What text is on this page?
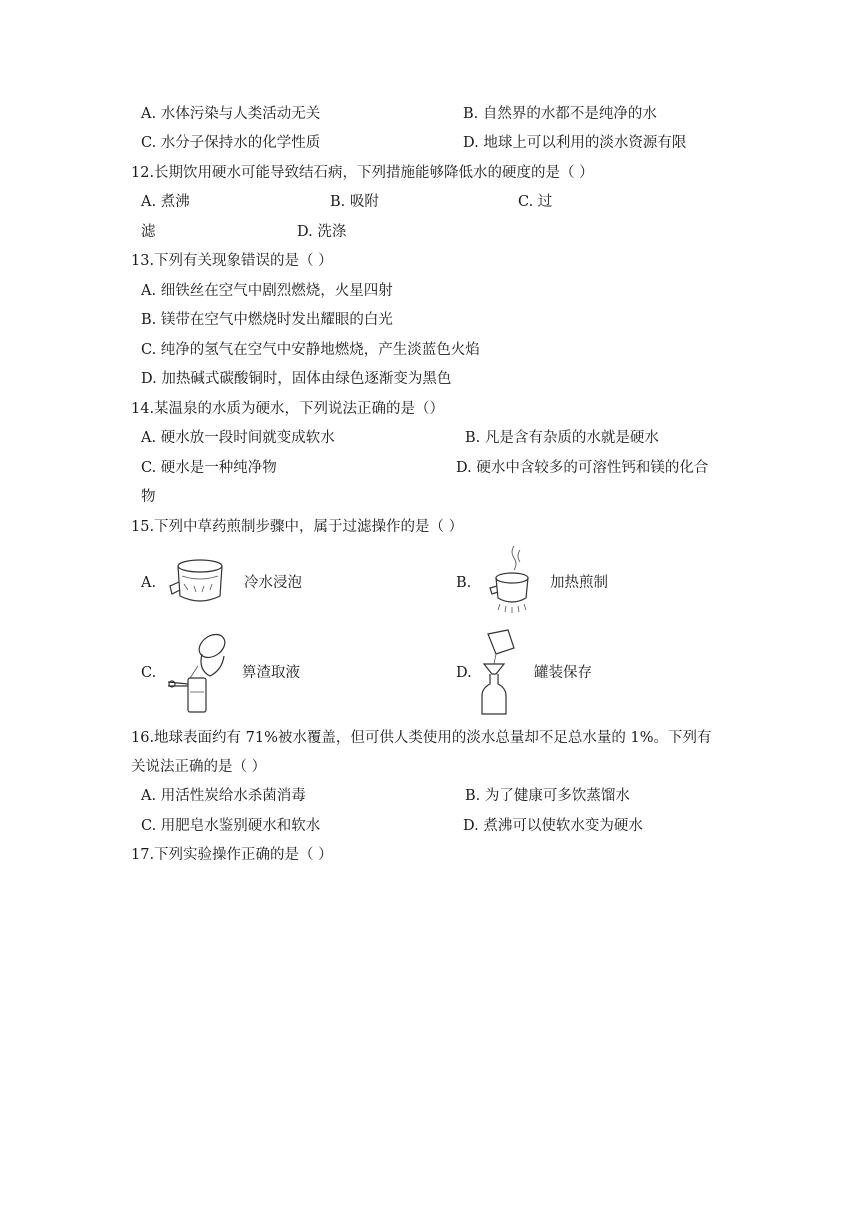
A. 水体污染与人类活动无关	B. 自然界的水都不是纯净的水
C. 水分子保持水的化学性质	D. 地球上可以利用的淡水资源有限
12.长期饮用硬水可能导致结石病，下列措施能够降低水的硬度的是（ ）
A. 煮沸	B. 吸附	C. 过
滤	D. 洗涤
13.下列有关现象错误的是（ ）
A. 细铁丝在空气中剧烈燃烧，火星四射
B. 镁带在空气中燃烧时发出耀眼的白光
C. 纯净的氢气在空气中安静地燃烧，产生淡蓝色火焰
D. 加热碱式碳酸铜时，固体由绿色逐渐变为黑色
14.某温泉的水质为硬水，下列说法正确的是（）
A. 硬水放一段时间就变成软水	B. 凡是含有杂质的水就是硬水
C. 硬水是一种纯净物	D. 硬水中含较多的可溶性钙和镁的化合
物
15.下列中草药煎制步骤中，属于过滤操作的是（ ）
A.	冷水浸泡	B.	加热煎制
C.	箅渣取液	D.	罐装保存
16.地球表面约有 71%被水覆盖，但可供人类使用的淡水总量却不足总水量的 1%。下列有
关说法正确的是（ ）
A. 用活性炭给水杀菌消毒	B. 为了健康可多饮蒸馏水
C. 用肥皂水鉴别硬水和软水	D. 煮沸可以使软水变为硬水
17.下列实验操作正确的是（ ）
